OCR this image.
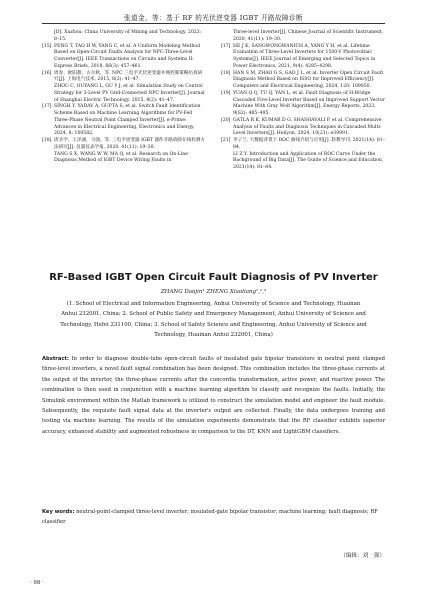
张道金，等：基于 RF 的光伏逆变器 IGBT 开路故障诊断
[D]. Xuzhou: China University of Mining and Technology, 2023: 8–15.
[15] PENG T, TAO H W, YANG C, et al. A Uniform Modeling Method Based on Open-Circuit Faults Analysis for NPC-Three-Level Converter[J]. IEEE Transactions on Circuits and Systems II: Express Briefs, 2018, 66(3): 457–461.
[16] 周春，欧阳甜，古尔秋，等. NPC 三电平光伏逆变器并网控制策略仿真研究[J]. 上海电气技术, 2015, 8(2): 41–47.
ZHOU C, OUYANG L, GU Y J, et al. Simulation Study on Control Strategy for 3-Level PV Grid-Connected NPC Inverter[J]. Journal of Shanghai Electric Technology, 2015, 8(2): 41–47.
[17] SINGH Y, YADAV A, GUPTA S, et al. Switch Fault Identification Scheme Based on Machine Learning Algorithms for PV-Fed Three-Phase Neutral Point Clamped Inverter[J]. e-Prime: Advances in Electrical Engineering, Electronics and Energy, 2024, 8: 100582.
[18] 唐圣学，王泽涵，马强，等. 三电平逆变器 IGBT 器件开路故障在线检测方法研究[J]. 仪器仪表学报, 2020, 41(11): 19–30.
TANG S X, WANG W W, MA Q, et al. Research on On-Line Diagnosis Method of IGBT Device Wiring Faults in
Three-level Inverter[J]. Chinese Journal of Scientific Instrument, 2020, 41(11): 19–30.
[17] HE J K, SANGWONGWANICH A, YANG Y H, et al. Lifetime Evaluation of Three-Level Inverters for 1500-V Photovoltaic Systems[J]. IEEE Journal of Emerging and Selected Topics in Power Electronics, 2021, 9(4): 4285–4298.
[18] HAN S M, ZHAO G S, GAO J L, et al. Inverter Open Circuit Fault Diagnosis Method Based on ISSO for Improved Efficiency[J]. Computers and Electrical Engineering, 2024, 120: 109850.
[19] YUAN Q Q, TU Q, YAN L, et al. Fault Diagnosis of H-Bridge Cascaded Five-Level Inverter Based on Improved Support Vector Machine With Gray Wolf Algorithm[J]. Energy Reports, 2023, 9(S2): 485–495.
[20] GATLA R K, KUMAR D G, SHASHAVALI P, et al. Comprehensive Analysis of Faults and Diagnosis Techniques in Cascaded Multi-Level Inverters[J]. Heliyon, 2024, 10(21): e39991.
[21] 李子兰. 大数据背景下 ROC 曲线介绍与应用[J]. 科教导刊, 2021(14): 81–84.
LI Z Y. Introduction and Application of ROC Curve Under the Background of Big Data[J]. The Guide of Science and Education, 2021(14): 81–84.
RF-Based IGBT Open Circuit Fault Diagnosis of PV Inverter
ZHANG Daojin¹ ZHENG Xiaoliang¹,²,³
(1. School of Electrical and Information Engineering, Anhui University of Science and Technology, Huainan Anhui 232001, China; 2. School of Public Safety and Emergency Management, Anhui University of Science and Technology, Hefei 231100, China; 3. School of Safety Science and Engineering, Anhui University of Science and Technology, Huainan Anhui 232001, China)
Abstract: In order to diagnose double-tube open-circuit faults of insulated gate bipolar transistors in neutral point clamped three-level inverters, a novel fault signal combination has been designed. This combination includes the three-phase currents at the output of the inverter, the three-phase currents after the concordia transformation, active power, and reactive power. The combination is then used in conjunction with a machine learning algorithm to classify and recognize the faults. Initially, the Simulink environment within the Matlab framework is utilized to construct the simulation model and engineer the fault module. Subsequently, the requisite fault signal data at the inverter's output are collected. Finally, the data undergoes training and testing via machine learning. The results of the simulation experiments demonstrate that the RF classifier exhibits superior accuracy, enhanced stability and augmented robustness in comparison to the DT, KNN and LightGBM classifiers.
Key words: neutral-point-clamped three-level inverter; insulated-gate bipolar transistor; machine learning; fault diagnosis; RF classifier
（编辑：刘　强）
· 98 ·
